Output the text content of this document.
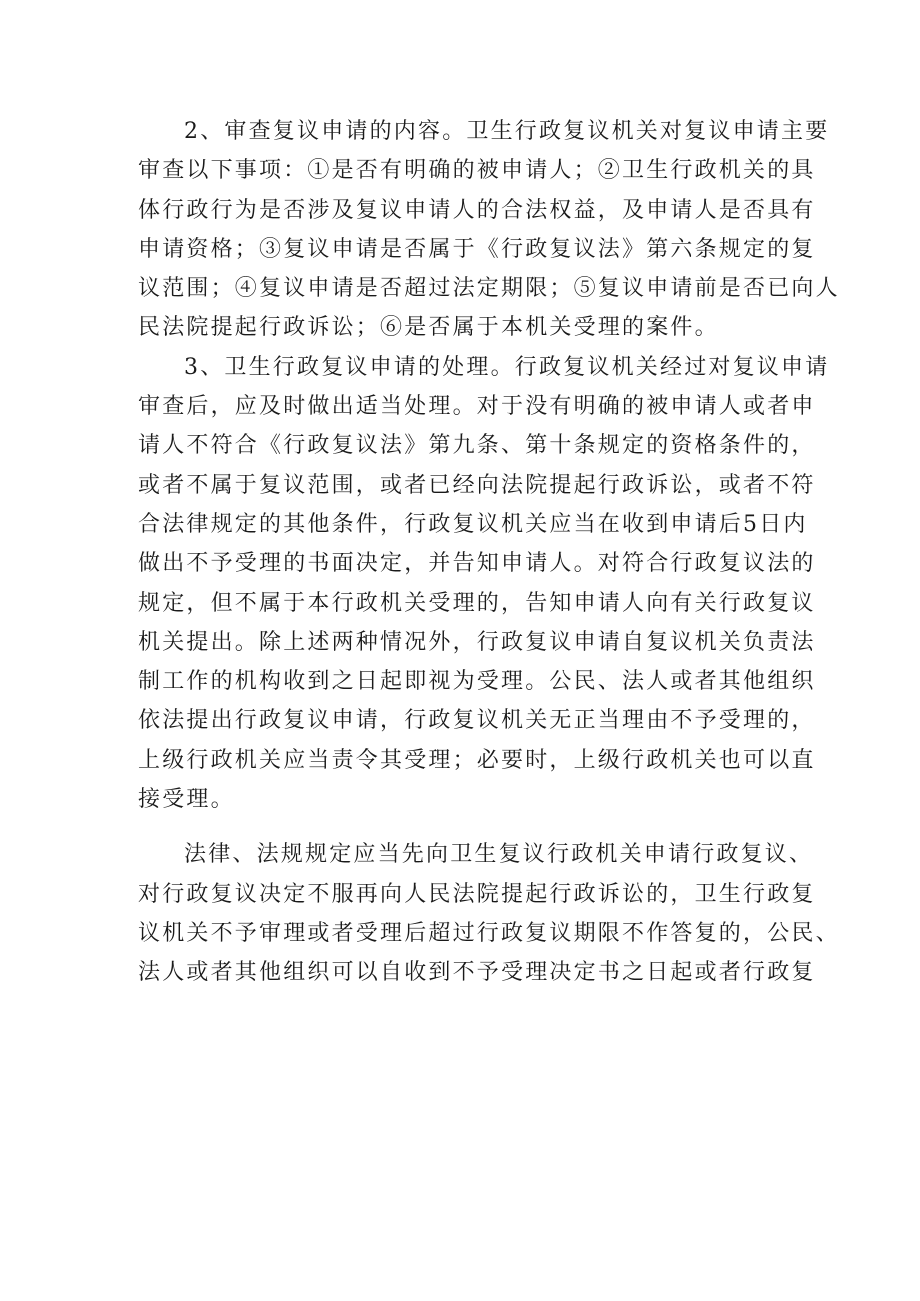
2、审查复议申请的内容。卫生行政复议机关对复议申请主要
审查以下事项：①是否有明确的被申请人；②卫生行政机关的具
体行政行为是否涉及复议申请人的合法权益，及申请人是否具有
申请资格；③复议申请是否属于《行政复议法》第六条规定的复
议范围；④复议申请是否超过法定期限；⑤复议申请前是否已向人
民法院提起行政诉讼；⑥是否属于本机关受理的案件。
3、卫生行政复议申请的处理。行政复议机关经过对复议申请
审查后，应及时做出适当处理。对于没有明确的被申请人或者申
请人不符合《行政复议法》第九条、第十条规定的资格条件的，
或者不属于复议范围，或者已经向法院提起行政诉讼，或者不符
合法律规定的其他条件，行政复议机关应当在收到申请后5日内
做出不予受理的书面决定，并告知申请人。对符合行政复议法的
规定，但不属于本行政机关受理的，告知申请人向有关行政复议
机关提出。除上述两种情况外，行政复议申请自复议机关负责法
制工作的机构收到之日起即视为受理。公民、法人或者其他组织
依法提出行政复议申请，行政复议机关无正当理由不予受理的，
上级行政机关应当责令其受理；必要时，上级行政机关也可以直
接受理。
法律、法规规定应当先向卫生复议行政机关申请行政复议、
对行政复议决定不服再向人民法院提起行政诉讼的，卫生行政复
议机关不予审理或者受理后超过行政复议期限不作答复的，公民、
法人或者其他组织可以自收到不予受理决定书之日起或者行政复
